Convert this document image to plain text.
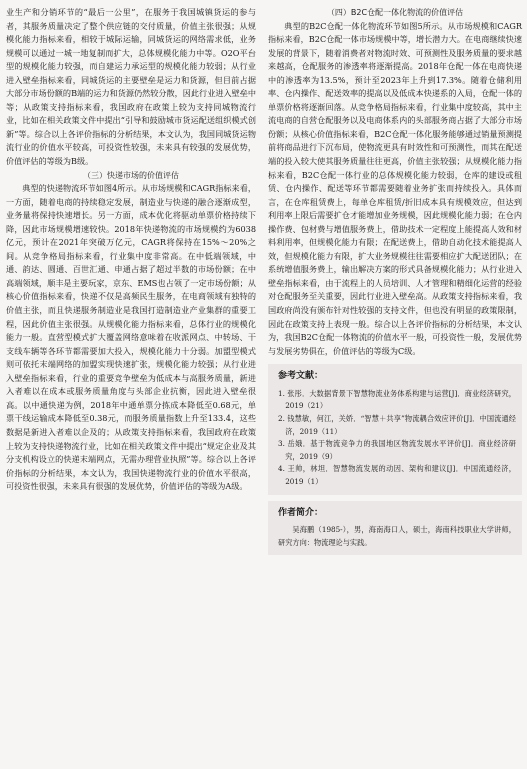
业生产和分销环节的“最后一公里”，在服务于我国城镇货运的参与者，其服务质量决定了整个供应链的交付质量，价值主张很强；从规模化能力指标来看，相较于城际运输，同城货运的网络需求低，业务规模可以通过一城一地复制而扩大，总体规模化能力中等。O2O平台型的规模化能力较强，而自建运力承运型的规模化能力较弱；从行业进入壁垒指标来看，同城货运的主要壁垒是运力和货源，但目前占据大部分市场份额的B端的运力和货源仍然较分散，因此行业进入壁垒中等；从政策支持指标来看，我国政府在政策上较为支持同城物流行业，比如在相关政策文件中提出“引导和鼓励城市货运配送组织模式创新”等。综合以上各评价指标的分析结果，本文认为，我国同城货运物流行业的价值水平较高，可投资性较强，未来具有较强的发展优势，价值评估的等级为B级。

（三）快递市场的价值评估

典型的快递物流环节如图4所示。从市场规模和CAGR指标来看，一方面，随着电商的持续稳定发展，制造业与快递的融合逐渐成型，业务量将保持快速增长。另一方面，成本优化将驱动单票价格持续下降，因此市场规模增速较快。2018年快递物流的市场规模约为6038亿元，预计在2021年突破万亿元，CAGR将保持在15%～20%之间。从竞争格局指标来看，行业集中度非常高。在中低端领域，中通、韵达、圆通、百世汇通、申通占据了超过半数的市场份额；在中高端领域，顺丰是主要玩家，京东、EMS也占领了一定市场份额；从核心价值指标来看，快递不仅是高频民生服务，在电商领域有独特的价值主张，而且快递服务制造业是我国打造制造业产业集群的重要工程，因此价值主张很强。从规模化能力指标来看，总体行业的规模化能力一般。直营型模式扩大覆盖网络意味着在收派网点、中转场、干支线车辆等各环节都需要加大投入，规模化能力十分弱。加盟型模式则可依托末端网络的加盟实现快速扩张，规模化能力较强；从行业进入壁垒指标来看，行业的重要竞争壁垒为低成本与高服务质量，新进入者难以在成本或服务质量角度与头部企业抗衡，因此进入壁垒很高。以中通快递为例，2018年中通单票分拣成本降低至0.68元，单票干线运输成本降低至0.38元，而服务质量指数上升至133.4，这些数据是新进入者难以企及的；从政策支持指标来看，我国政府在政策上较为支持快递物流行业，比如在相关政策文件中提出“规定企业及其分支机构设立的快递末端网点，无需办理营业执照”等。综合以上各评价指标的分析结果，本文认为，我国快递物流行业的价值水平很高，可投资性很强，未来具有很强的发展优势，价值评估的等级为A级。

（四）B2C仓配一体化物流的价值评估

典型的B2C仓配一体化物流环节如图5所示。从市场规模和CAGR指标来看，B2C仓配一体市场规模中等，增长潜力大。在电商继续快速发展的背景下，随着消费者对物流时效、可预测性及服务质量的要求越来越高，仓配服务的渗透率将逐渐提高。2018年仓配一体在电商快递中的渗透率为13.5%，预计至2023年上升到17.3%。随着仓储利用率、仓内操作、配送效率的提高以及低成本快递系的入局，仓配一体的单票价格将逐渐回落。从竞争格局指标来看，行业集中度较高，其中主流电商的自营仓配服务以及电商体系内的头部服务商占据了大部分市场份额；从核心价值指标来看，B2C仓配一体化服务能够通过销量预测提前将商品进行下沉布局，使物流更具有时效性和可预测性，而其在配送端的投入较大使其服务质量往往更高，价值主张较强；从规模化能力指标来看，B2C仓配一体行业的总体规模化能力较弱，仓库的建设或租赁、仓内操作、配送等环节都需要随着业务扩张而持续投入。具体而言，在仓库租赁费上，每单仓库租赁/折旧成本具有规模效应，但达到利用率上限后需要扩仓才能增加业务规模，因此规模化能力弱；在仓内操作费、包材费与增值服务费上，借助技术一定程度上能提高人效和材料利用率，但规模化能力有限；在配送费上，借助自动化技术能提高人效，但规模化能力有限，扩大业务规模往往需要相应扩大配送团队；在系统增值服务费上，输出解决方案的形式具备规模化能力；从行业进入壁垒指标来看，由于流程上的人员培训、人才管理和精细化运营的经验对仓配服务至关重要，因此行业进入壁垒高。从政策支持指标来看，我国政府尚没有颁布针对性较强的支持文件，但也没有明显的政策限制，因此在政策支持上表现一般。综合以上各评价指标的分析结果，本文认为，我国B2C仓配一体物流的价值水平一般，可投资性一般，发展优势与发展劣势俱在，价值评估的等级为C级。

参考文献：

1. 张彤．大数据背景下智慧物流业务体系构建与运营[J]．商业经济研究，2019（21）

2. 钱慧敏，何江，关娇．“智慧＋共享”物流耦合效应评价[J]．中国流通经济，2019（11）

3. 岳娥．基于物流竞争力的我国地区物流发展水平评价[J]．商业经济研究，2019（9）

4. 王帅，林坦．智慧物流发展的动因、架构和建议[J]．中国流通经济，2019（1）

作者简介：

吴海鹏（1985-），男，海南海口人，硕士，海南科技职业大学讲师，研究方向：物流理论与实践。
